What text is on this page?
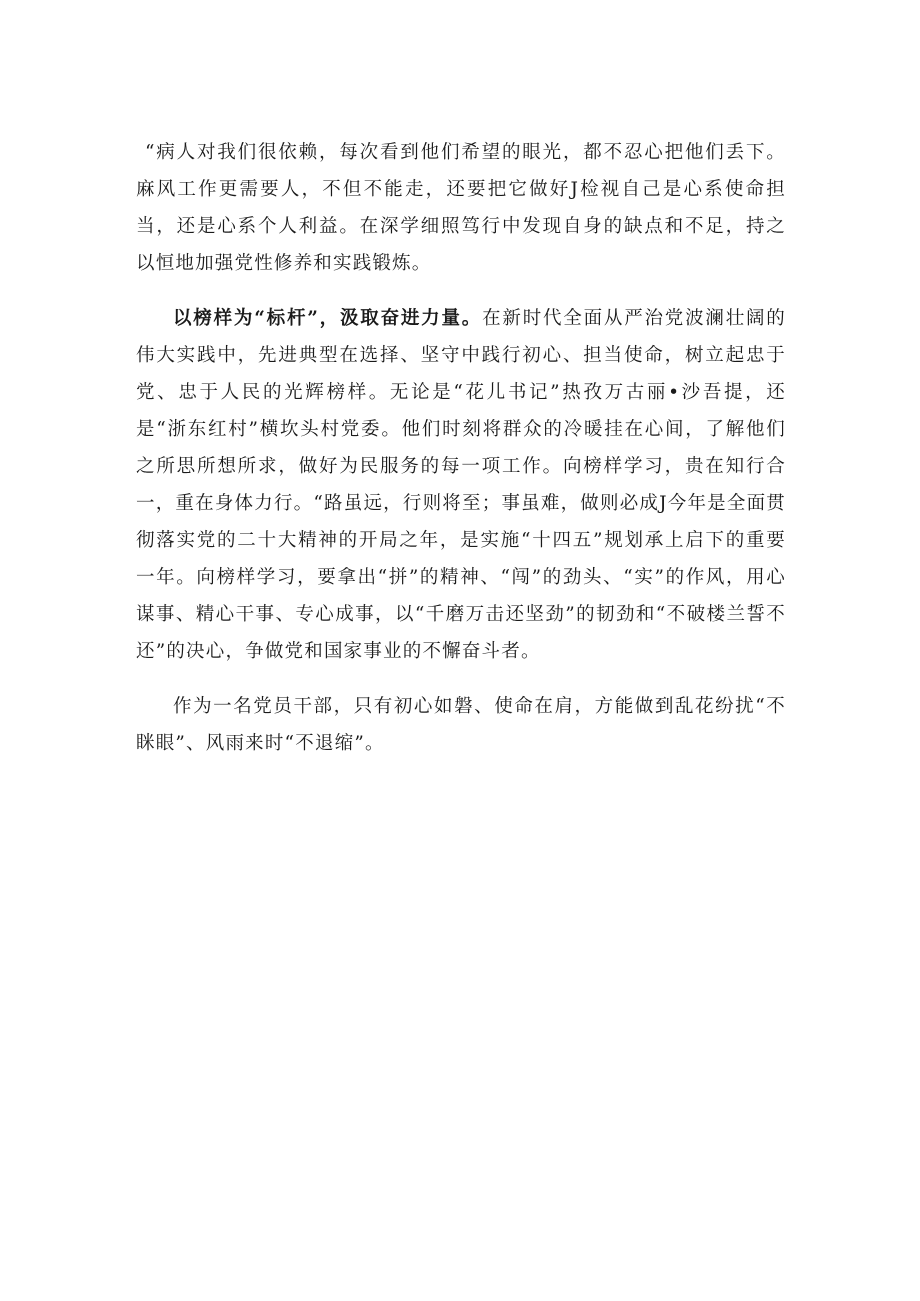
“病人对我们很依赖，每次看到他们希望的眼光，都不忍心把他们丢下。麻风工作更需要人，不但不能走，还要把它做好J检视自己是心系使命担当，还是心系个人利益。在深学细照笃行中发现自身的缺点和不足，持之以恒地加强党性修养和实践锻炼。

以榜样为“标杆”，汲取奋进力量。在新时代全面从严治党波澜壮阔的伟大实践中，先进典型在选择、坚守中践行初心、担当使命，树立起忠于党、忠于人民的光辉榜样。无论是“花儿书记”热孜万古丽•沙吾提，还是“浙东红村”横坎头村党委。他们时刻将群众的冷暖挂在心间，了解他们之所思所想所求，做好为民服务的每一项工作。向榜样学习，贵在知行合一，重在身体力行。“路虽远，行则将至；事虽难，做则必成J今年是全面贯彻落实党的二十大精神的开局之年，是实施“十四五”规划承上启下的重要一年。向榜样学习，要拿出“拼”的精神、“闯”的劲头、“实”的作风，用心谋事、精心干事、专心成事，以“千磨万击还坚劲”的韧劲和“不破楼兰誓不还”的决心，争做党和国家事业的不懈奋斗者。

作为一名党员干部，只有初心如磐、使命在肩，方能做到乱花纷扰“不眯眼”、风雨来时“不退缩”。
